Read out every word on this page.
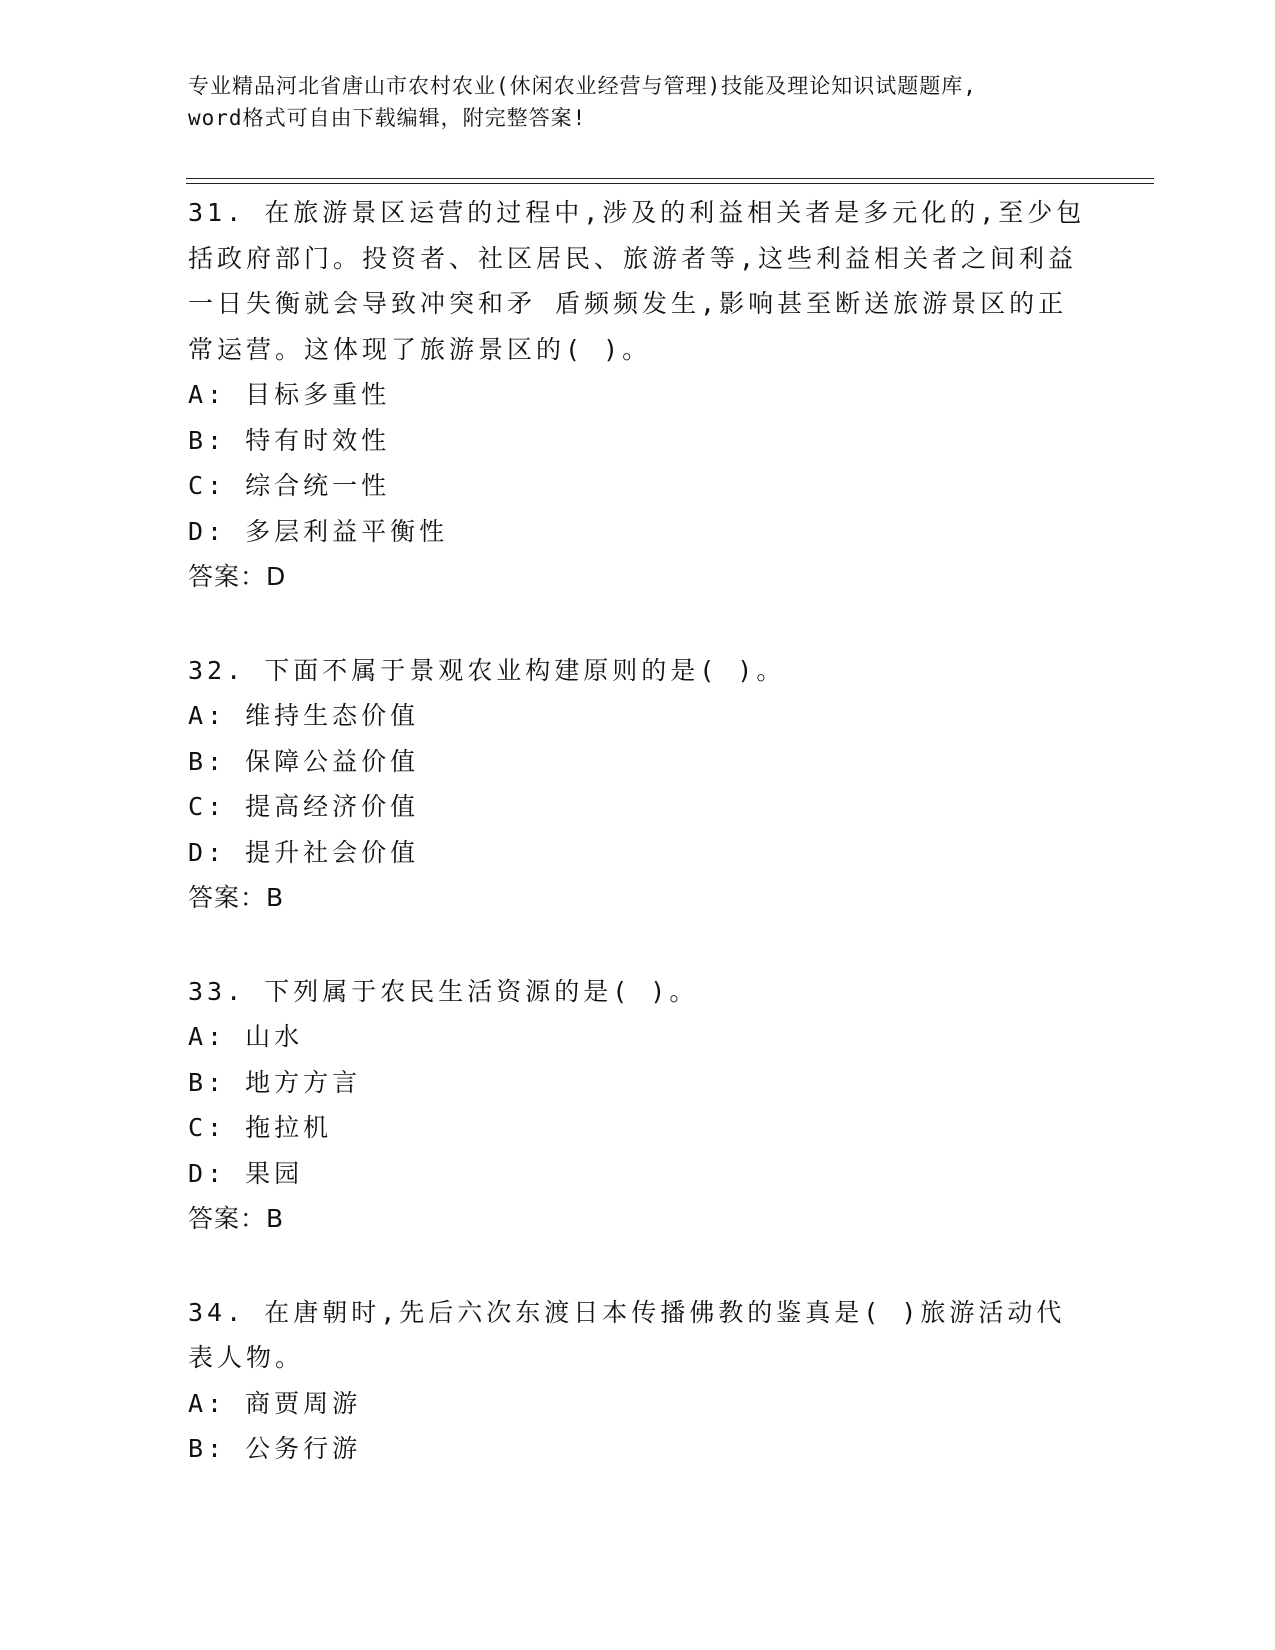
专业精品河北省唐山市农村农业(休闲农业经营与管理)技能及理论知识试题题库,
word格式可自由下载编辑，附完整答案!
31. 在旅游景区运营的过程中,涉及的利益相关者是多元化的,至少包括政府部门。投资者、社区居民、旅游者等,这些利益相关者之间利益一日失衡就会导致冲突和矛 盾频频发生,影响甚至断送旅游景区的正常运营。这体现了旅游景区的( )。
A: 目标多重性
B: 特有时效性
C: 综合统一性
D: 多层利益平衡性
答案：D
32. 下面不属于景观农业构建原则的是( )。
A: 维持生态价值
B: 保障公益价值
C: 提高经济价值
D: 提升社会价值
答案：B
33. 下列属于农民生活资源的是( )。
A: 山水
B: 地方方言
C: 拖拉机
D: 果园
答案：B
34. 在唐朝时,先后六次东渡日本传播佛教的鉴真是( )旅游活动代表人物。
A: 商贾周游
B: 公务行游
